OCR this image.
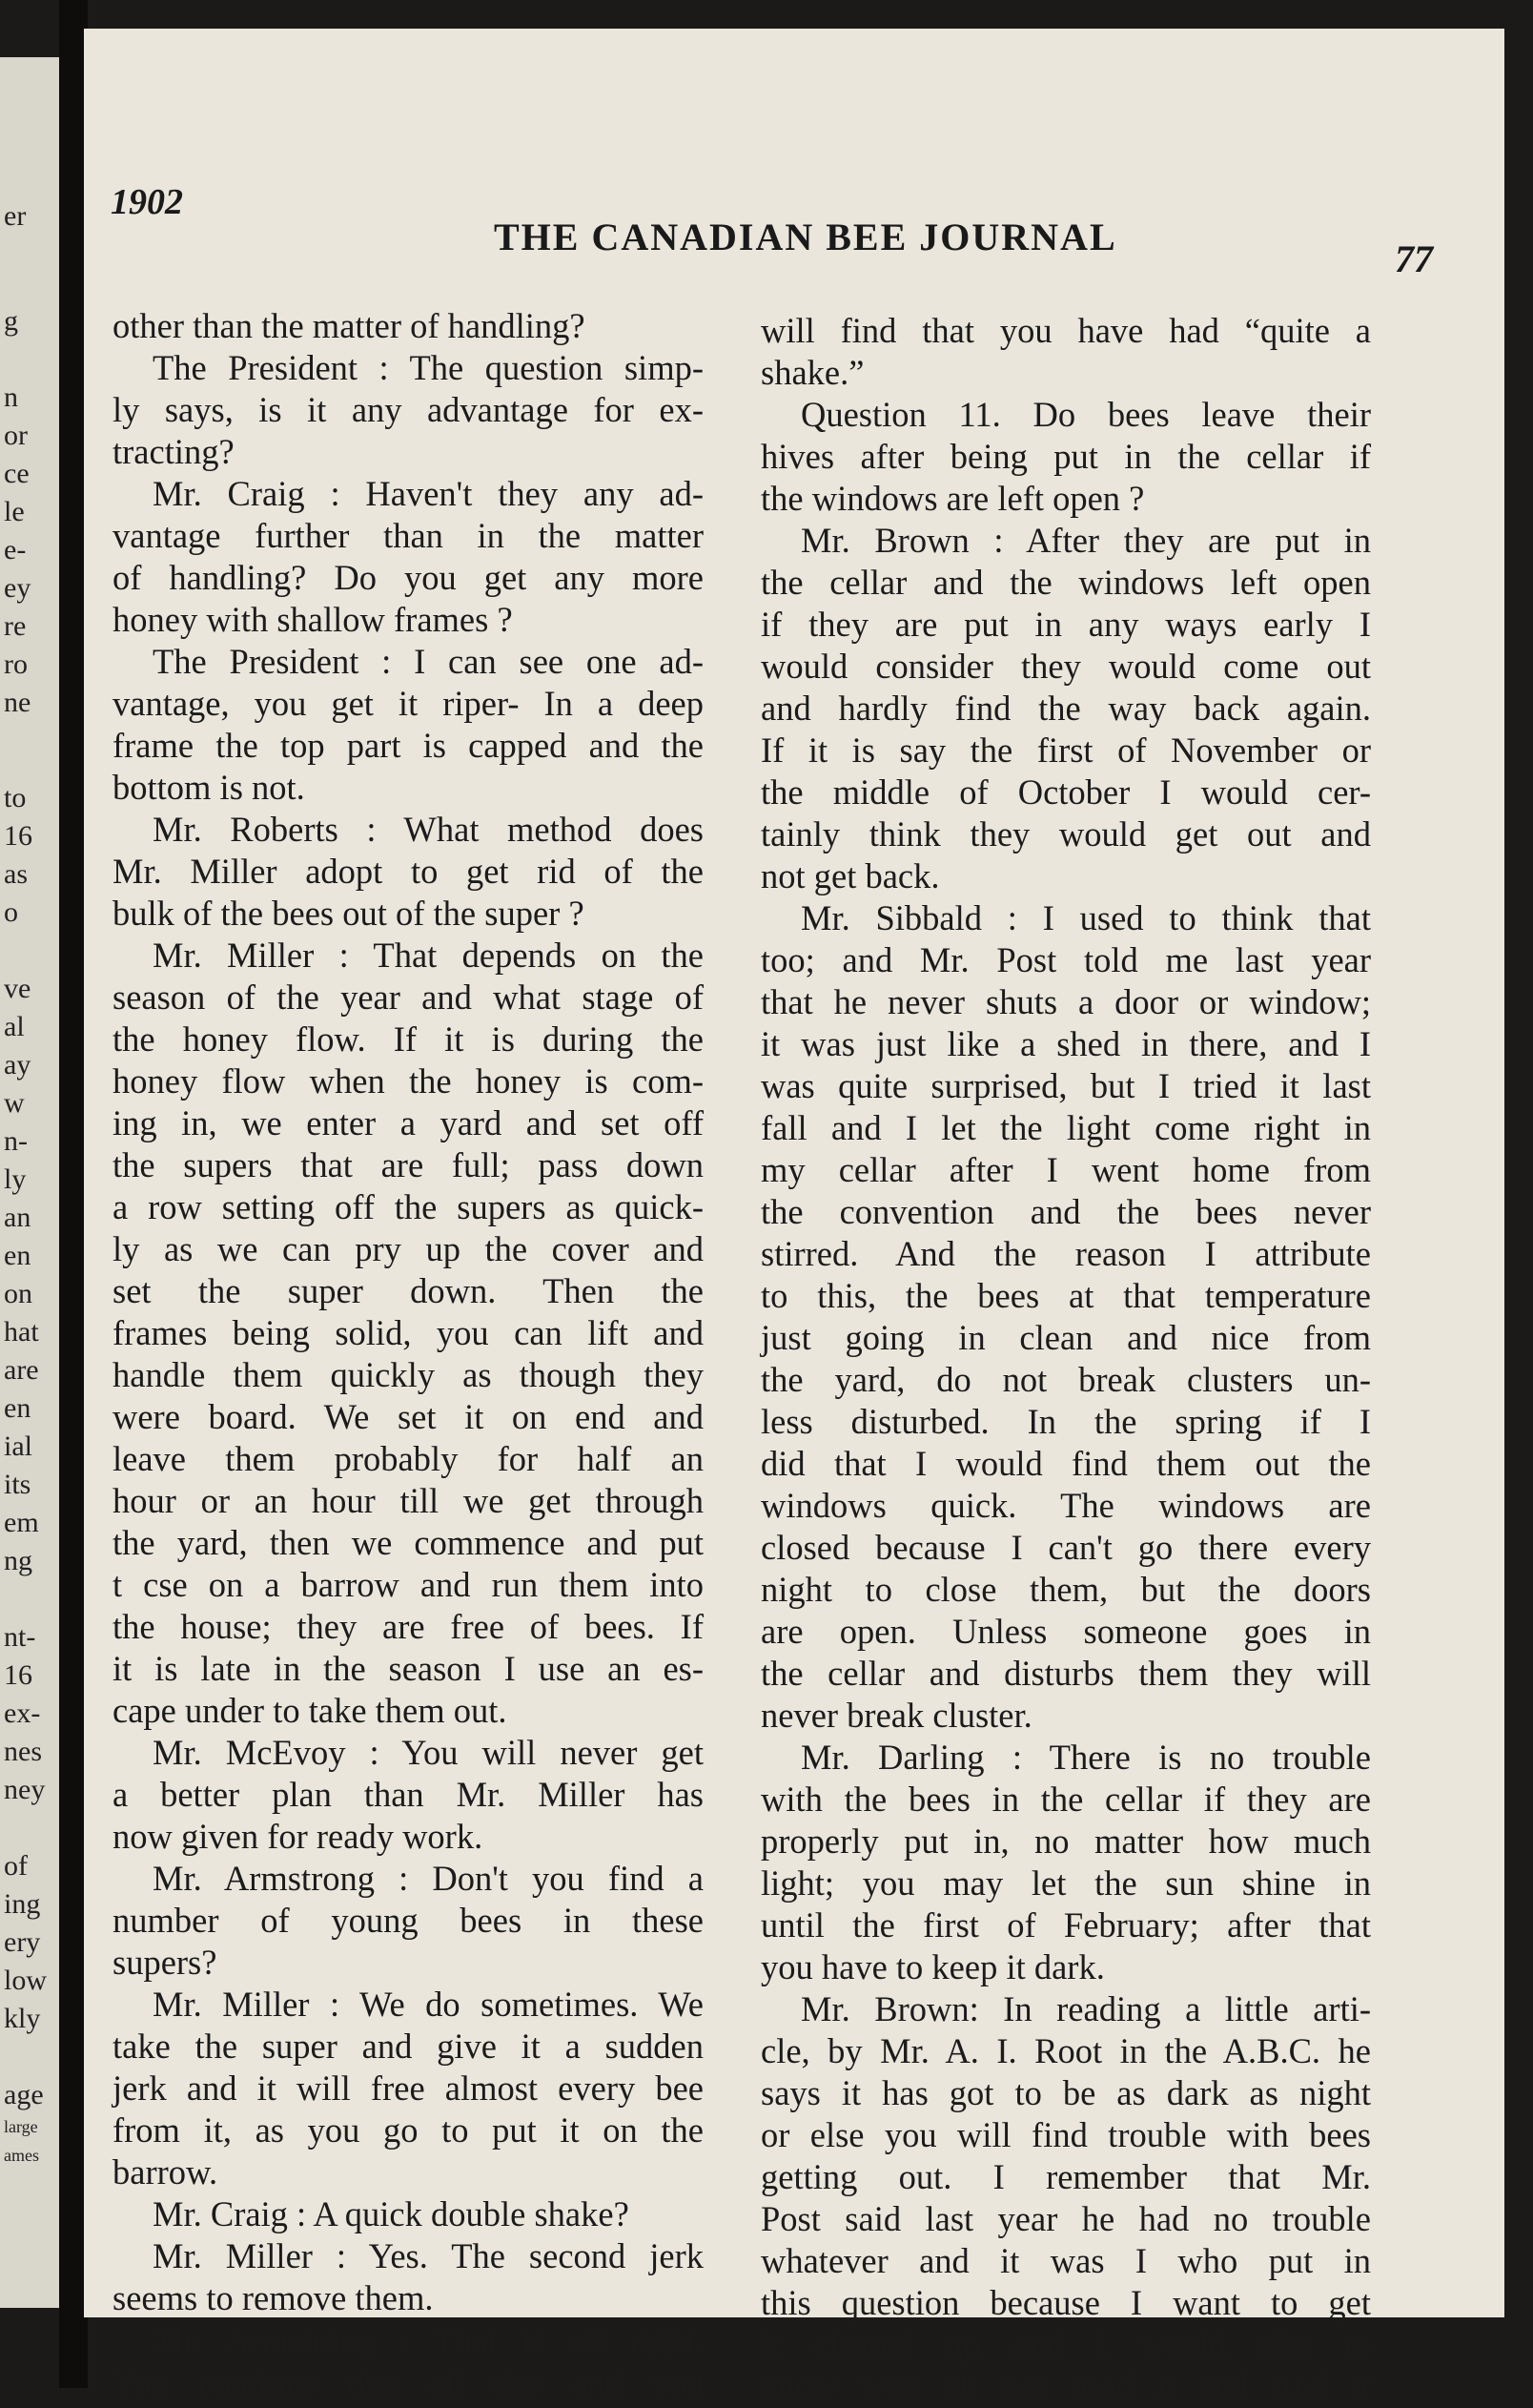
er
g
n
or
ce
le
e-
ey
re
ro
ne
to
16
as
o
ve
al
ay
w
n-
ly
an
en
on
hat
are
en
ial
its
em
ng
nt-
16
ex-
nes
ney
of
ing
ery
low
kly
age
large
ames
1902
THE CANADIAN BEE JOURNAL
77
other than the matter of handling?
The President : The question simp-
ly says, is it any advantage for ex-
tracting?
Mr. Craig : Haven't they any ad-
vantage further than in the matter
of handling? Do you get any more
honey with shallow frames ?
The President : I can see one ad-
vantage, you get it riper- In a deep
frame the top part is capped and the
bottom is not.
Mr. Roberts : What method does
Mr. Miller adopt to get rid of the
bulk of the bees out of the super ?
Mr. Miller : That depends on the
season of the year and what stage of
the honey flow. If it is during the
honey flow when the honey is com-
ing in, we enter a yard and set off
the supers that are full; pass down
a row setting off the supers as quick-
ly as we can pry up the cover and
set the super down. Then the
frames being solid, you can lift and
handle them quickly as though they
were board. We set it on end and
leave them probably for half an
hour or an hour till we get through
the yard, then we commence and put
t cse on a barrow and run them into
the house; they are free of bees. If
it is late in the season I use an es-
cape under to take them out.
Mr. McEvoy : You will never get
a better plan than Mr. Miller has
now given for ready work.
Mr. Armstrong : Don't you find a
number of young bees in these
supers?
Mr. Miller : We do sometimes. We
take the super and give it a sudden
jerk and it will free almost every bee
from it, as you go to put it on the
barrow.
Mr. Craig : A quick double shake?
Mr. Miller : Yes. The second jerk
seems to remove them.
Mr. Armstrong : That is all right.
You continue that all day and you
will find that you have had “quite a
shake.”
Question 11. Do bees leave their
hives after being put in the cellar if
the windows are left open ?
Mr. Brown : After they are put in
the cellar and the windows left open
if they are put in any ways early I
would consider they would come out
and hardly find the way back again.
If it is say the first of November or
the middle of October I would cer-
tainly think they would get out and
not get back.
Mr. Sibbald : I used to think that
too; and Mr. Post told me last year
that he never shuts a door or window;
it was just like a shed in there, and I
was quite surprised, but I tried it last
fall and I let the light come right in
my cellar after I went home from
the convention and the bees never
stirred. And the reason I attribute
to this, the bees at that temperature
just going in clean and nice from
the yard, do not break clusters un-
less disturbed. In the spring if I
did that I would find them out the
windows quick. The windows are
closed because I can't go there every
night to close them, but the doors
are open. Unless someone goes in
the cellar and disturbs them they will
never break cluster.
Mr. Darling : There is no trouble
with the bees in the cellar if they are
properly put in, no matter how much
light; you may let the sun shine in
until the first of February; after that
you have to keep it dark.
Mr. Brown: In reading a little arti-
cle, by Mr. A. I. Root in the A.B.C. he
says it has got to be as dark as night
or else you will find trouble with bees
getting out. I remember that Mr.
Post said last year he had no trouble
whatever and it was I who put in
this question because I want to get
it cleared up and I would like to
know who all has tried it and find if
